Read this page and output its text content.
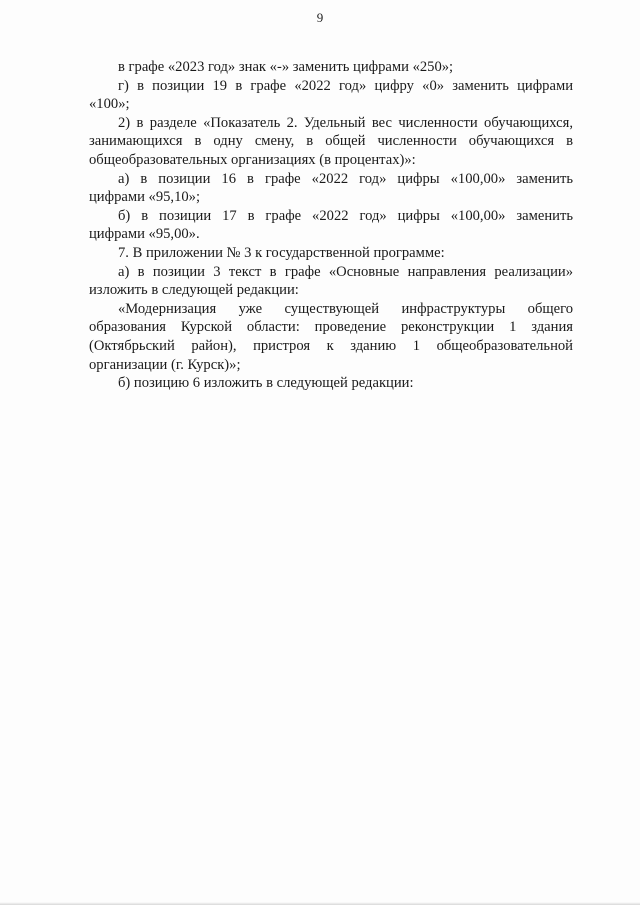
9

в графе «2023 год» знак «-» заменить цифрами «250»;

г) в позиции 19 в графе «2022 год» цифру «0» заменить цифрами

«100»;

2) в разделе «Показатель 2. Удельный вес численности обучающихся,

занимающихся в одну смену, в общей численности обучающихся в

общеобразовательных организациях (в процентах)»:

а) в позиции 16 в графе «2022 год» цифры «100,00» заменить

цифрами «95,10»;

б) в позиции 17 в графе «2022 год» цифры «100,00» заменить

цифрами «95,00».

7. В приложении № 3 к государственной программе:

а) в позиции 3 текст в графе «Основные направления реализации»

изложить в следующей редакции:

«Модернизация уже существующей инфраструктуры общего

образования Курской области: проведение реконструкции 1 здания

(Октябрьский район), пристроя к зданию 1 общеобразовательной

организации (г. Курск)»;

б) позицию 6 изложить в следующей редакции:
